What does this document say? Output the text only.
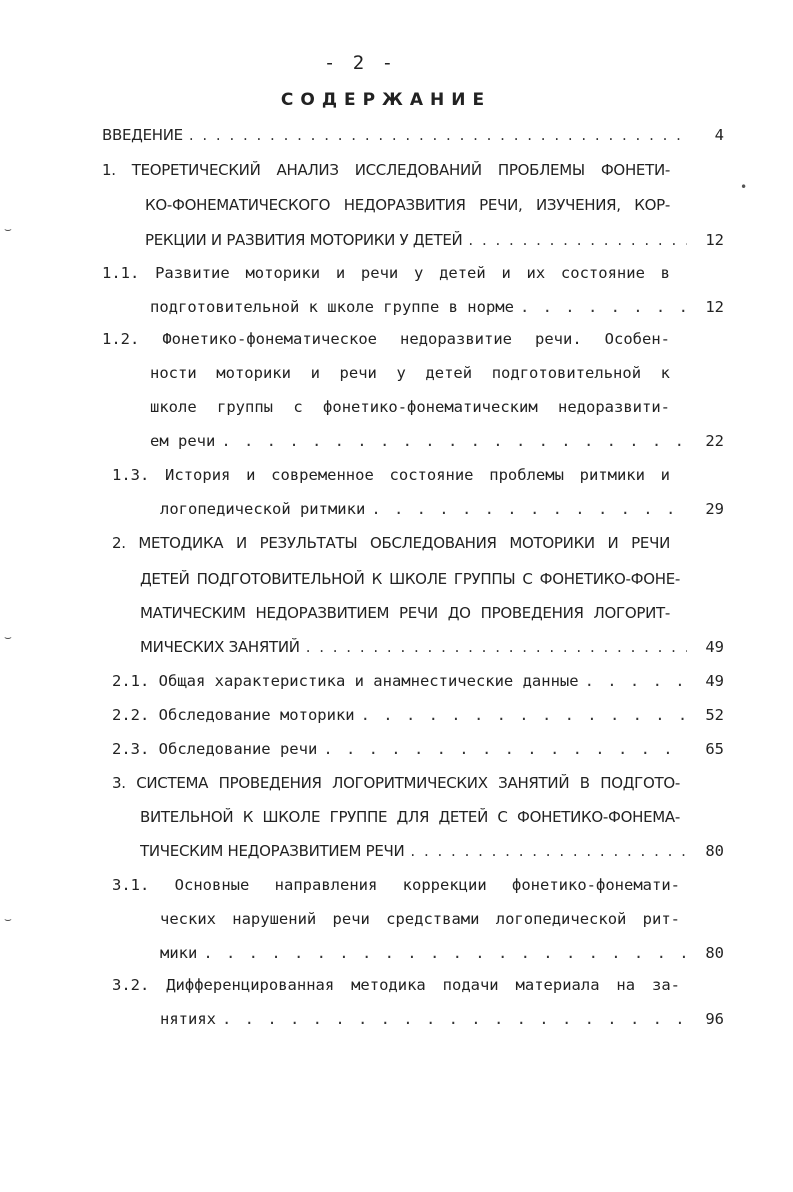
- 2 -
СОДЕРЖАНИЕ
ВВЕДЕНИЕ . . .	4
1. ТЕОРЕТИЧЕСКИЙ АНАЛИЗ ИССЛЕДОВАНИЙ ПРОБЛЕМЫ ФОНЕТИ-
КО-ФОНЕМАТИЧЕСКОГО НЕДОРАЗВИТИЯ РЕЧИ, ИЗУЧЕНИЯ, КОР-
РЕКЦИИ И РАЗВИТИЯ МОТОРИКИ У ДЕТЕЙ . . .	12
1.1. Развитие моторики и речи у детей и их состояние в
подготовительной к школе группе в норме . . .	12
1.2. Фонетико-фонематическое недоразвитие речи. Особен-
ности моторики и речи у детей подготовительной к
школе группы с фонетико-фонематическим недоразвити-
ем речи . . .	22
1.3. История и современное состояние проблемы ритмики и
логопедической ритмики . . .	29
2. МЕТОДИКА И РЕЗУЛЬТАТЫ ОБСЛЕДОВАНИЯ МОТОРИКИ И РЕЧИ
ДЕТЕЙ ПОДГОТОВИТЕЛЬНОЙ К ШКОЛЕ ГРУППЫ С ФОНЕТИКО-ФОНЕ-
МАТИЧЕСКИМ НЕДОРАЗВИТИЕМ РЕЧИ ДО ПРОВЕДЕНИЯ ЛОГОРИТ-
МИЧЕСКИХ ЗАНЯТИЙ . . .	49
2.1. Общая характеристика и анамнестические данные . . .	49
2.2. Обследование моторики . . .	52
2.3. Обследование речи . . .	65
3. СИСТЕМА ПРОВЕДЕНИЯ ЛОГОРИТМИЧЕСКИХ ЗАНЯТИЙ В ПОДГОТО-
ВИТЕЛЬНОЙ К ШКОЛЕ ГРУППЕ ДЛЯ ДЕТЕЙ С ФОНЕТИКО-ФОНЕМА-
ТИЧЕСКИМ НЕДОРАЗВИТИЕМ РЕЧИ . . .	80
3.1. Основные направления коррекции фонетико-фонемати-
ческих нарушений речи средствами логопедической рит-
мики . . .	80
3.2. Дифференцированная методика подачи материала на за-
нятиях . . .	96
⌣
⌣
⌣
•
